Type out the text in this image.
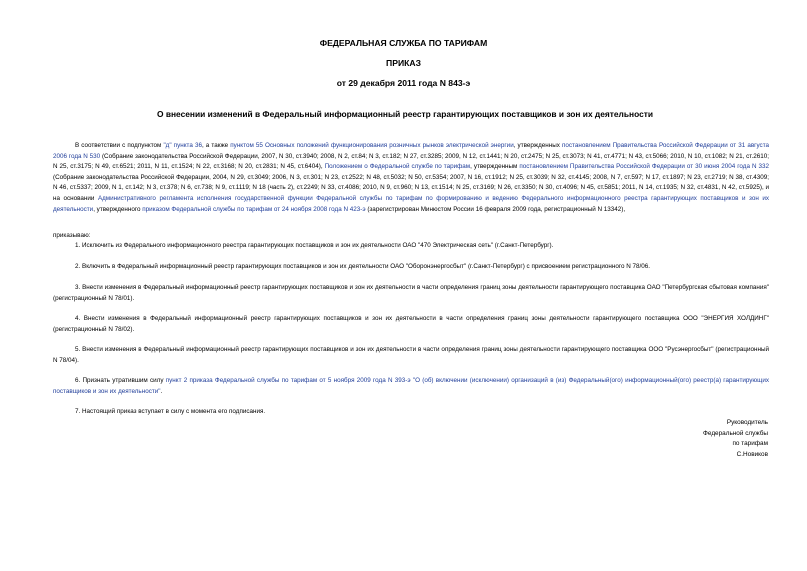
ФЕДЕРАЛЬНАЯ СЛУЖБА ПО ТАРИФАМ
ПРИКАЗ
от 29 декабря 2011 года N 843-э
О внесении изменений в Федеральный информационный реестр гарантирующих поставщиков и зон их деятельности
В соответствии с подпунктом "д" пункта 36, а также пунктом 55 Основных положений функционирования розничных рынков электрической энергии, утвержденных постановлением Правительства Российской Федерации от 31 августа 2006 года N 530 (Собрание законодательства Российской Федерации, 2007, N 30, ст.3940; 2008, N 2, ст.84; N 3, ст.182; N 27, ст.3285; 2009, N 12, ст.1441; N 20, ст.2475; N 25, ст.3073; N 41, ст.4771; N 43, ст.5066; 2010, N 10, ст.1082; N 21, ст.2610; N 25, ст.3175; N 49, ст.6521; 2011, N 11, ст.1524; N 22, ст.3168; N 20, ст.2831; N 45, ст.6404), Положением о Федеральной службе по тарифам, утвержденным постановлением Правительства Российской Федерации от 30 июня 2004 года N 332 (Собрание законодательства Российской Федерации, 2004, N 29, ст.3049; 2006, N 3, ст.301; N 23, ст.2522; N 48, ст.5032; N 50, ст.5354; 2007, N 16, ст.1912; N 25, ст.3039; N 32, ст.4145; 2008, N 7, ст.597; N 17, ст.1897; N 23, ст.2719; N 38, ст.4309; N 46, ст.5337; 2009, N 1, ст.142; N 3, ст.378; N 6, ст.738; N 9, ст.1119; N 18 (часть 2), ст.2249; N 33, ст.4086; 2010, N 9, ст.960; N 13, ст.1514; N 25, ст.3169; N 26, ст.3350; N 30, ст.4096; N 45, ст.5851; 2011, N 14, ст.1935; N 32, ст.4831, N 42, ст.5925), и на основании Административного регламента исполнения государственной функции Федеральной службы по тарифам по формированию и ведению Федерального информационного реестра гарантирующих поставщиков и зон их деятельности, утвержденного приказом Федеральной службы по тарифам от 24 ноября 2008 года N 423-э (зарегистрирован Минюстом России 16 февраля 2009 года, регистрационный N 13342),
приказываю:
1. Исключить из Федерального информационного реестра гарантирующих поставщиков и зон их деятельности ОАО "470 Электрическая сеть" (г.Санкт-Петербург).
2. Включить в Федеральный информационный реестр гарантирующих поставщиков и зон их деятельности ОАО "Оборонэнергосбыт" (г.Санкт-Петербург) с присвоением регистрационного N 78/06.
3. Внести изменения в Федеральный информационный реестр гарантирующих поставщиков и зон их деятельности в части определения границ зоны деятельности гарантирующего поставщика ОАО "Петербургская сбытовая компания" (регистрационный N 78/01).
4. Внести изменения в Федеральный информационный реестр гарантирующих поставщиков и зон их деятельности в части определения границ зоны деятельности гарантирующего поставщика ООО "ЭНЕРГИЯ ХОЛДИНГ" (регистрационный N 78/02).
5. Внести изменения в Федеральный информационный реестр гарантирующих поставщиков и зон их деятельности в части определения границ зоны деятельности гарантирующего поставщика ООО "Русэнергосбыт" (регистрационный N 78/04).
6. Признать утратившим силу пункт 2 приказа Федеральной службы по тарифам от 5 ноября 2009 года N 393-э "О (об) включении (исключении) организаций в (из) Федеральный(ого) информационный(ого) реестр(а) гарантирующих поставщиков и зон их деятельности".
7. Настоящий приказ вступает в силу с момента его подписания.
Руководитель
Федеральной службы
по тарифам
С.Новиков
